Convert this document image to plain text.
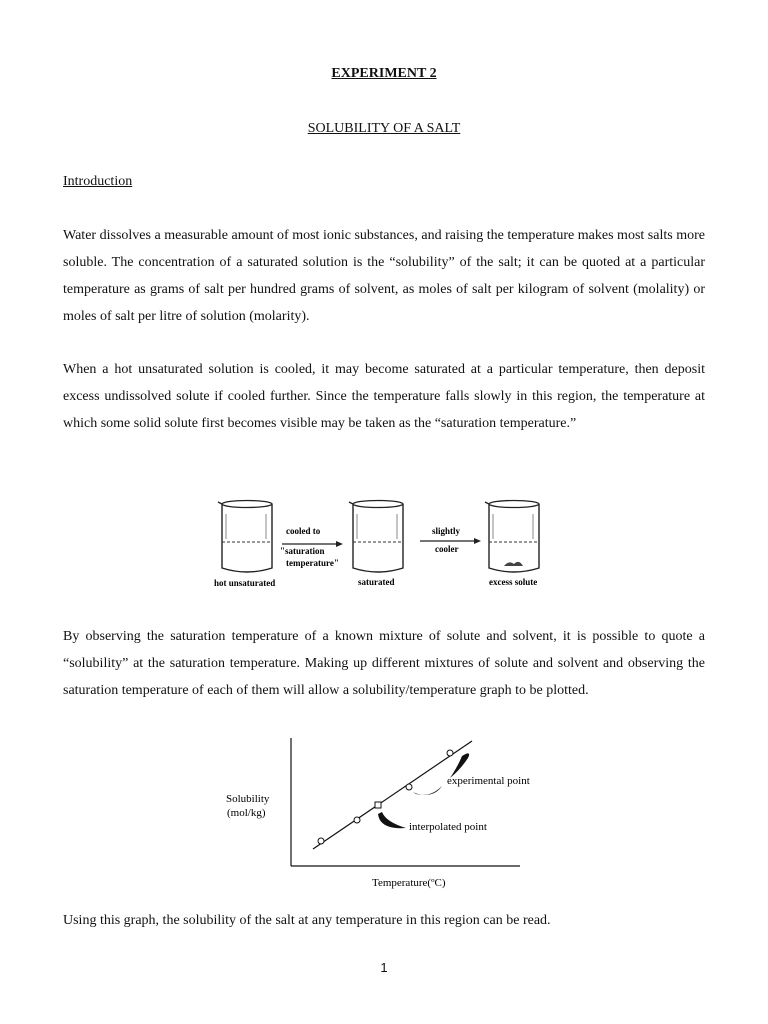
EXPERIMENT 2
SOLUBILITY OF A SALT
Introduction

Water dissolves a measurable amount of most ionic substances, and raising the temperature makes most salts more soluble. The concentration of a saturated solution is the “solubility” of the salt; it can be quoted at a particular temperature as grams of salt per hundred grams of solvent, as moles of salt per kilogram of solvent (molality) or moles of salt per litre of solution (molarity).

When a hot unsaturated solution is cooled, it may become saturated at a particular temperature, then deposit excess undissolved solute if cooled further. Since the temperature falls slowly in this region, the temperature at which some solid solute first becomes visible may be taken as the “saturation temperature.”

cooled to
"saturation
temperature"
slightly
cooler
hot unsaturated	saturated	excess solute

By observing the saturation temperature of a known mixture of solute and solvent, it is possible to quote a “solubility” at the saturation temperature. Making up different mixtures of solute and solvent and observing the saturation temperature of each of them will allow a solubility/temperature graph to be plotted.

experimental point
interpolated point
Solubility
(mol/kg)
Temperature(ºC)

Using this graph, the solubility of the salt at any temperature in this region can be read.

1
